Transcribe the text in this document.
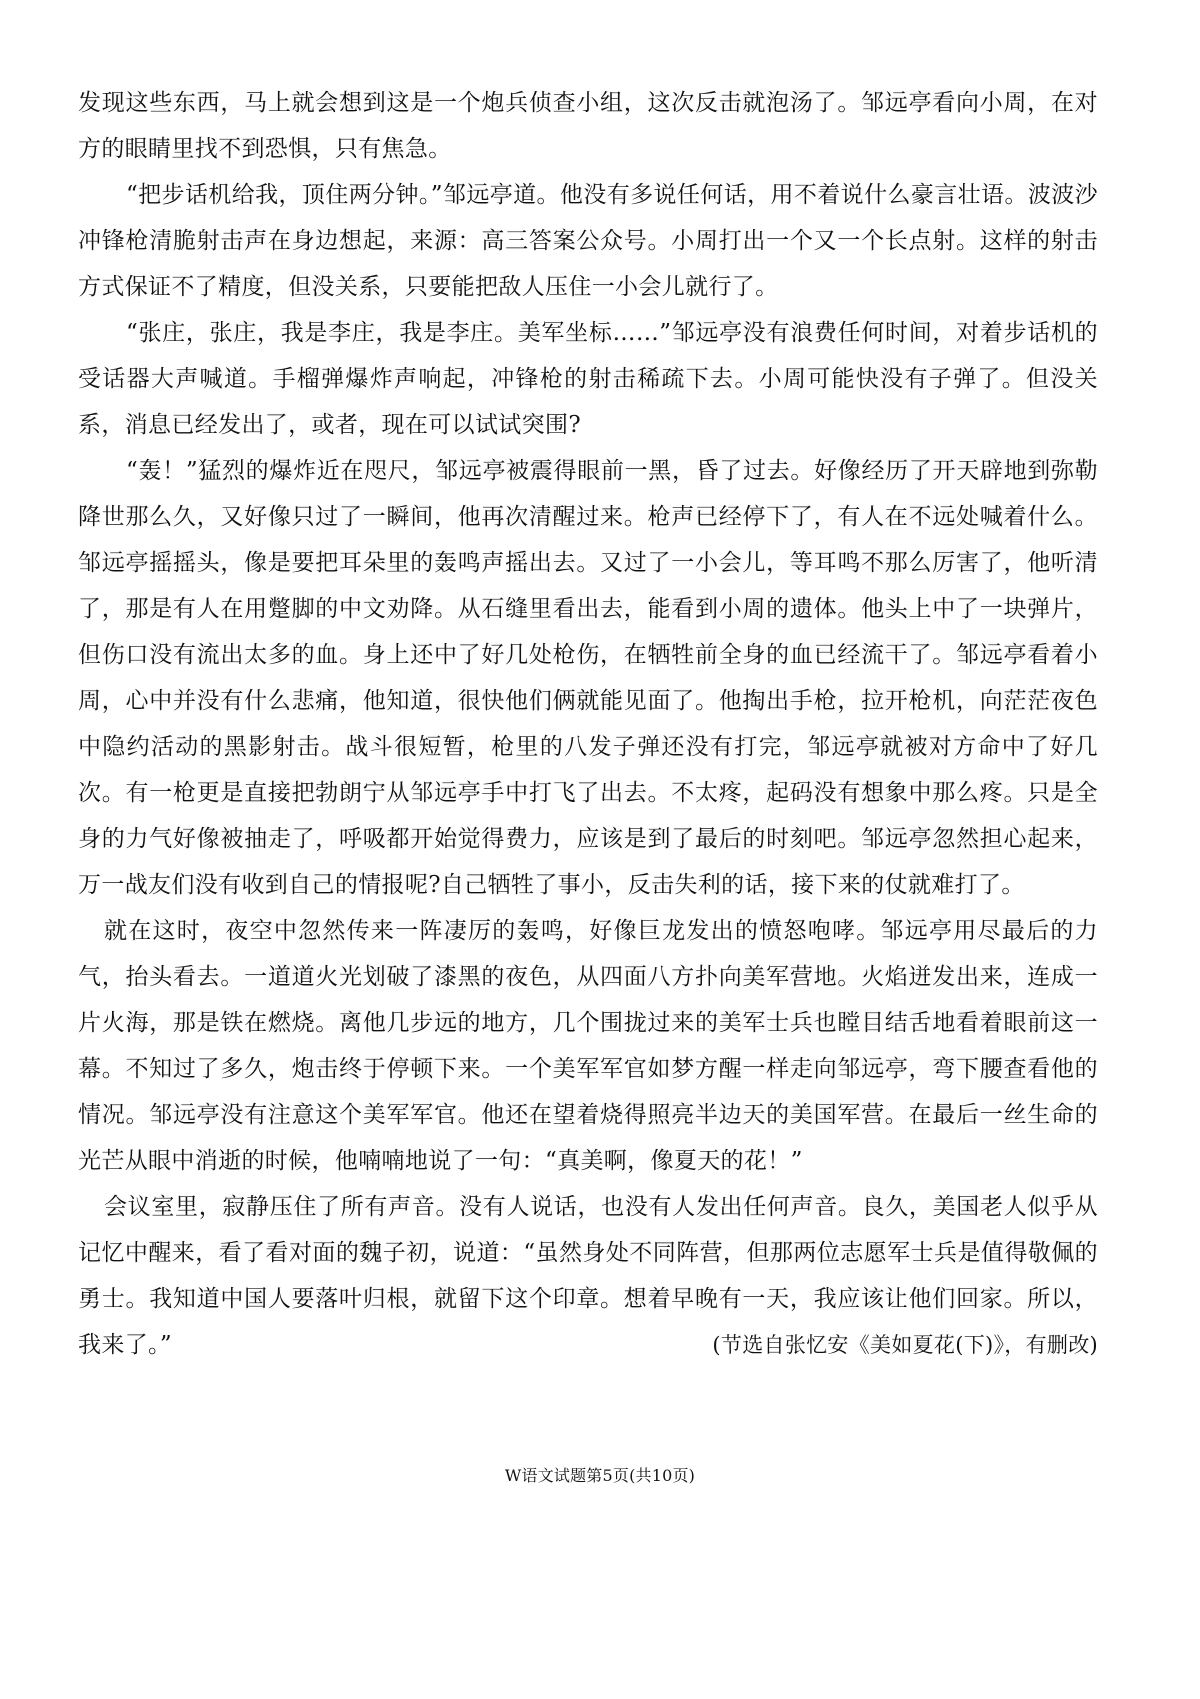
发现这些东西，马上就会想到这是一个炮兵侦查小组，这次反击就泡汤了。邹远亭看向小周，在对方的眼睛里找不到恐惧，只有焦急。

“把步话机给我，顶住两分钟。”邹远亭道。他没有多说任何话，用不着说什么豪言壮语。波波沙冲锋枪清脆射击声在身边想起，来源：高三答案公众号。小周打出一个又一个长点射。这样的射击方式保证不了精度，但没关系，只要能把敌人压住一小会儿就行了。

“张庄，张庄，我是李庄，我是李庄。美军坐标……”邹远亭没有浪费任何时间，对着步话机的受话器大声喊道。手榴弹爆炸声响起，冲锋枪的射击稀疏下去。小周可能快没有子弹了。但没关系，消息已经发出了，或者，现在可以试试突围?

“轰！”猛烈的爆炸近在咫尺，邹远亭被震得眼前一黑，昏了过去。好像经历了开天辟地到弥勒降世那么久，又好像只过了一瞬间，他再次清醒过来。枪声已经停下了，有人在不远处喊着什么。邹远亭摇摇头，像是要把耳朵里的轰鸣声摇出去。又过了一小会儿，等耳鸣不那么厉害了，他听清了，那是有人在用蹩脚的中文劝降。从石缝里看出去，能看到小周的遗体。他头上中了一块弹片，但伤口没有流出太多的血。身上还中了好几处枪伤，在牺牲前全身的血已经流干了。邹远亭看着小周，心中并没有什么悲痛，他知道，很快他们俩就能见面了。他掏出手枪，拉开枪机，向茫茫夜色中隐约活动的黑影射击。战斗很短暂，枪里的八发子弹还没有打完，邹远亭就被对方命中了好几次。有一枪更是直接把勃朗宁从邹远亭手中打飞了出去。不太疼，起码没有想象中那么疼。只是全身的力气好像被抽走了，呼吸都开始觉得费力，应该是到了最后的时刻吧。邹远亭忽然担心起来，万一战友们没有收到自己的情报呢?自己牺牲了事小，反击失利的话，接下来的仗就难打了。

就在这时，夜空中忽然传来一阵凄厉的轰鸣，好像巨龙发出的愤怒咆哮。邹远亭用尽最后的力气，抬头看去。一道道火光划破了漆黑的夜色，从四面八方扑向美军营地。火焰迸发出来，连成一片火海，那是铁在燃烧。离他几步远的地方，几个围拢过来的美军士兵也瞠目结舌地看着眼前这一幕。不知过了多久，炮击终于停顿下来。一个美军军官如梦方醒一样走向邹远亭，弯下腰查看他的情况。邹远亭没有注意这个美军军官。他还在望着烧得照亮半边天的美国军营。在最后一丝生命的光芒从眼中消逝的时候，他喃喃地说了一句：“真美啊，像夏天的花！”

会议室里，寂静压住了所有声音。没有人说话，也没有人发出任何声音。良久，美国老人似乎从记忆中醒来，看了看对面的魏子初，说道：“虽然身处不同阵营，但那两位志愿军士兵是值得敬佩的勇士。我知道中国人要落叶归根，就留下这个印章。想着早晚有一天，我应该让他们回家。所以，我来了。”	(节选自张忆安《美如夏花(下)》，有删改)
W语文试题第5页(共10页)
